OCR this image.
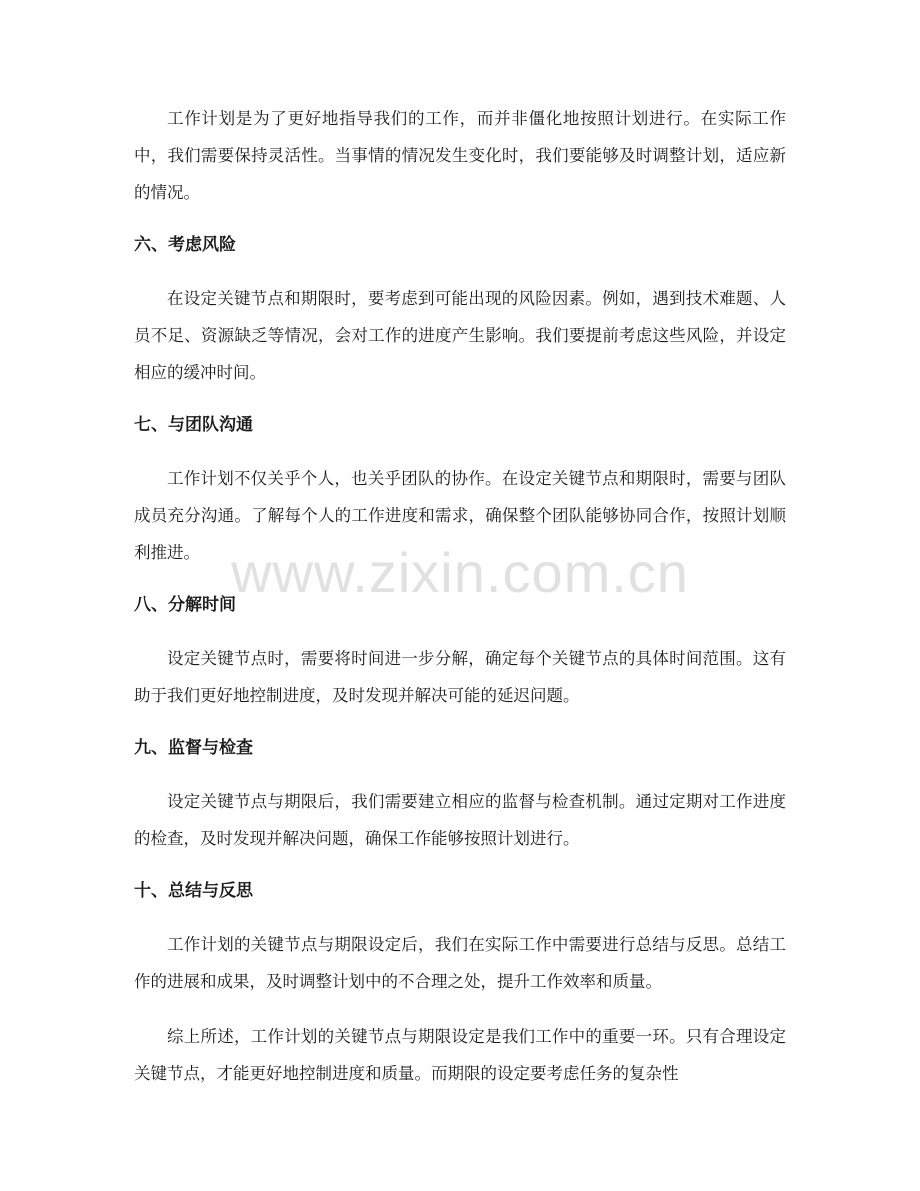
工作计划是为了更好地指导我们的工作，而并非僵化地按照计划进行。在实际工作中，我们需要保持灵活性。当事情的情况发生变化时，我们要能够及时调整计划，适应新的情况。

六、考虑风险

在设定关键节点和期限时，要考虑到可能出现的风险因素。例如，遇到技术难题、人员不足、资源缺乏等情况，会对工作的进度产生影响。我们要提前考虑这些风险，并设定相应的缓冲时间。

七、与团队沟通

工作计划不仅关乎个人，也关乎团队的协作。在设定关键节点和期限时，需要与团队成员充分沟通。了解每个人的工作进度和需求，确保整个团队能够协同合作，按照计划顺利推进。

八、分解时间

设定关键节点时，需要将时间进一步分解，确定每个关键节点的具体时间范围。这有助于我们更好地控制进度，及时发现并解决可能的延迟问题。

九、监督与检查

设定关键节点与期限后，我们需要建立相应的监督与检查机制。通过定期对工作进度的检查，及时发现并解决问题，确保工作能够按照计划进行。

十、总结与反思

工作计划的关键节点与期限设定后，我们在实际工作中需要进行总结与反思。总结工作的进展和成果，及时调整计划中的不合理之处，提升工作效率和质量。

综上所述，工作计划的关键节点与期限设定是我们工作中的重要一环。只有合理设定关键节点，才能更好地控制进度和质量。而期限的设定要考虑任务的复杂性

www.zixin.com.cn
